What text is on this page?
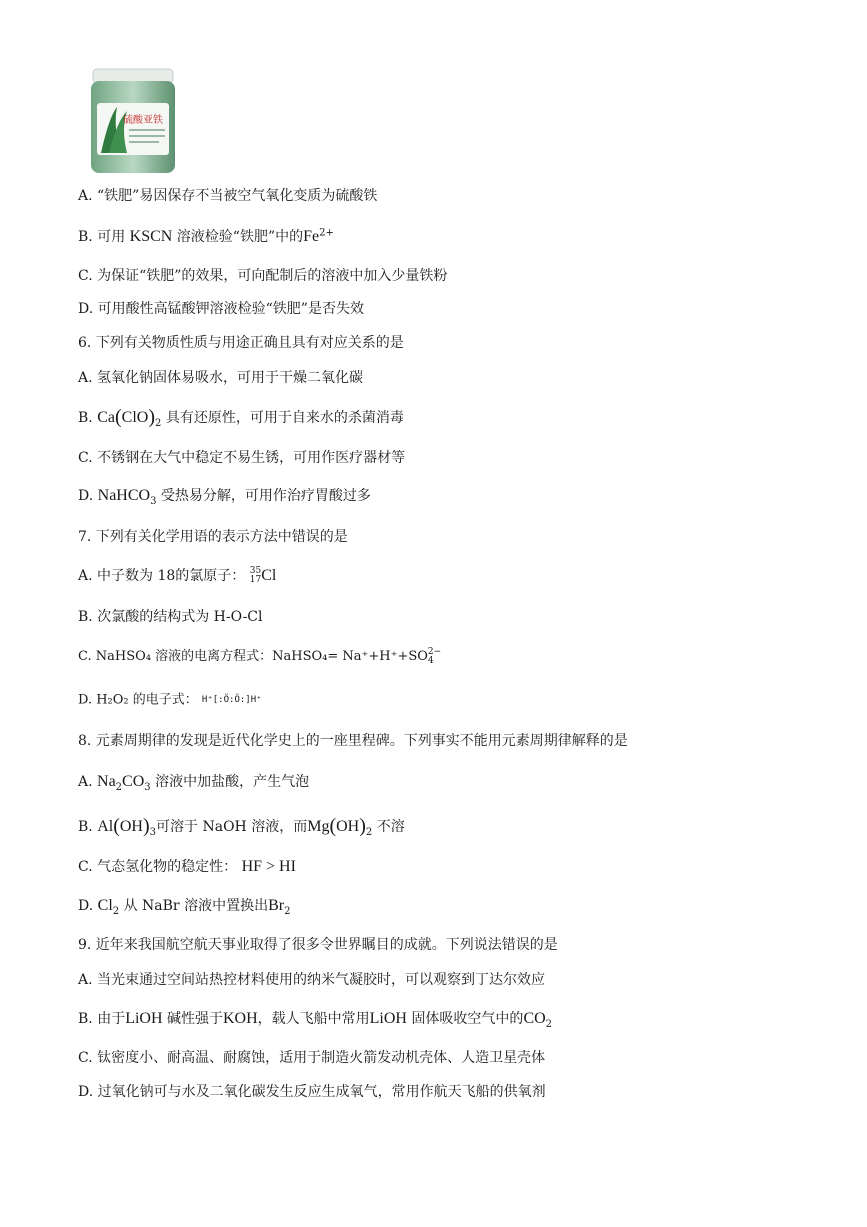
硫酸亚铁
A. “铁肥”易因保存不当被空气氧化变质为硫酸铁
B. 可用 KSCN 溶液检验“铁肥”中的$Fe^{2+}$
C. 为保证“铁肥”的效果，可向配制后的溶液中加入少量铁粉
D. 可用酸性高锰酸钾溶液检验“铁肥”是否失效
6. 下列有关物质性质与用途正确且具有对应关系的是
A. 氢氧化钠固体易吸水，可用于干燥二氧化碳
B. $Ca(ClO)_2$ 具有还原性，可用于自来水的杀菌消毒
C. 不锈钢在大气中稳定不易生锈，可用作医疗器材等
D. NaHCO$_3$ 受热易分解，可用作治疗胃酸过多
7. 下列有关化学用语的表示方法中错误的是
A. 中子数为 18的氯原子： 35
17 Cl
B. 次氯酸的结构式为 H-O-Cl
C. NaHSO₄ 溶液的电离方程式：NaHSO₄= Na⁺+H⁺+SO 2−
4
D. H₂O₂ 的电子式： H⁺[:Ö:Ö:]H⁺
8. 元素周期律的发现是近代化学史上的一座里程碑。下列事实不能用元素周期律解释的是
A. $Na_2CO_3$ 溶液中加盐酸，产生气泡
B. $Al(OH)_3$可溶于 NaOH 溶液，而$Mg(OH)_2$ 不溶
C. 气态氢化物的稳定性： HF > HI
D. $Cl_2$ 从 NaBr 溶液中置换出$Br_2$
9. 近年来我国航空航天事业取得了很多令世界瞩目的成就。下列说法错误的是
A. 当光束通过空间站热控材料使用的纳米气凝胶时，可以观察到丁达尔效应
B. 由于LiOH 碱性强于KOH，载人飞船中常用LiOH 固体吸收空气中的$CO_2$
C. 钛密度小、耐高温、耐腐蚀，适用于制造火箭发动机壳体、人造卫星壳体
D. 过氧化钠可与水及二氧化碳发生反应生成氧气，常用作航天飞船的供氧剂
